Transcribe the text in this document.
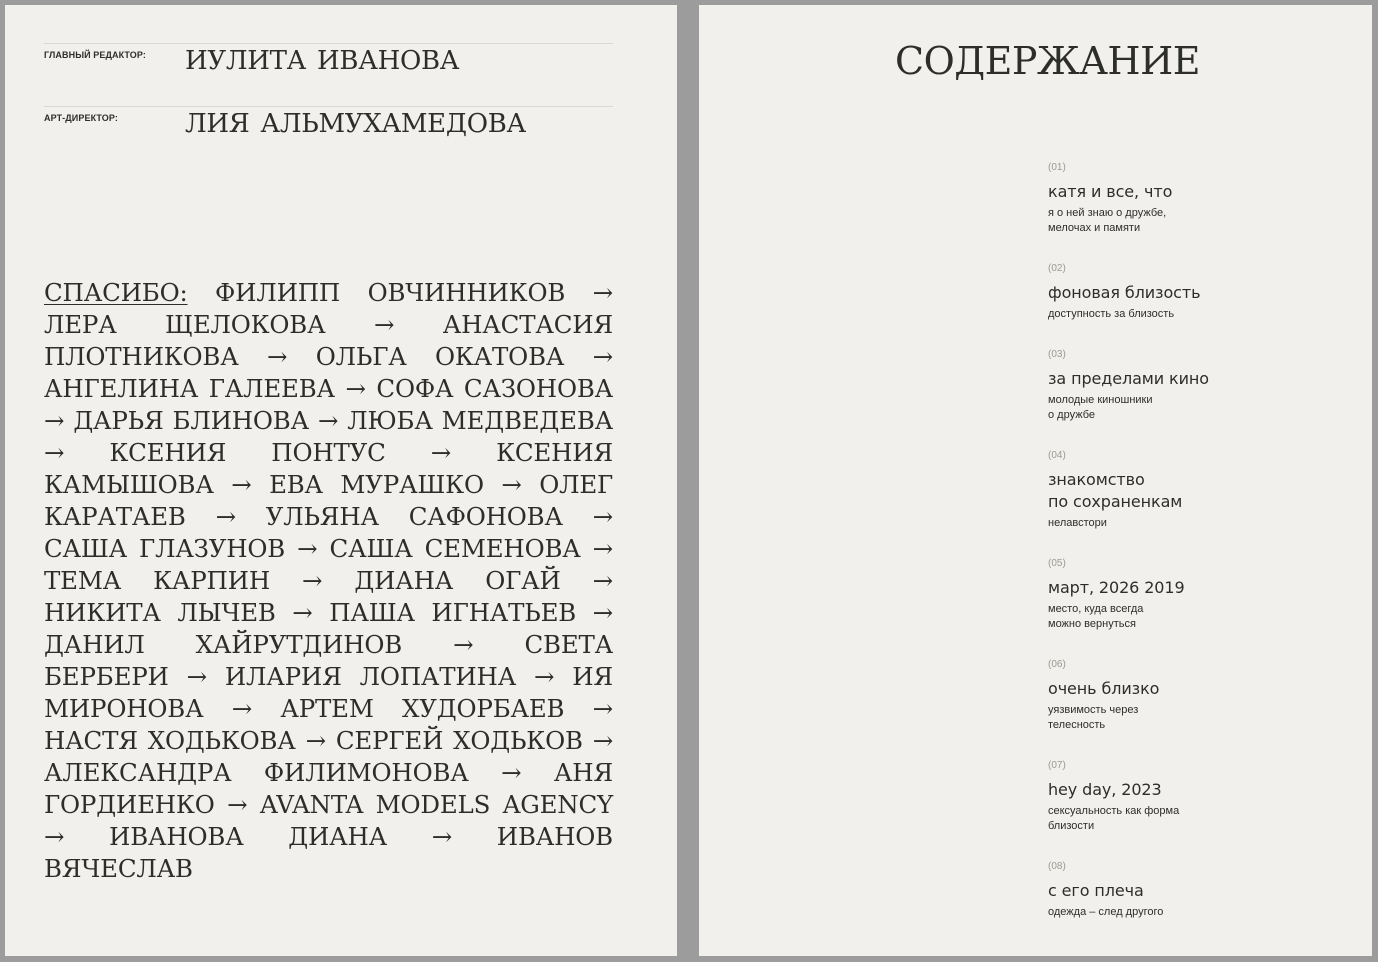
ГЛАВНЫЙ РЕДАКТОР: ИУЛИТА ИВАНОВА
АРТ-ДИРЕКТОР:	ЛИЯ АЛЬМУХАМЕДОВА
СПАСИБО: ФИЛИПП ОВЧИННИКОВ → ЛЕРА ЩЕЛОКОВА → АНАСТАСИЯ ПЛОТНИКОВА → ОЛЬГА ОКАТОВА → АНГЕЛИНА ГАЛЕЕВА → СОФА САЗОНОВА → ДАРЬЯ БЛИНОВА → ЛЮБА МЕДВЕДЕВА → КСЕНИЯ ПОНТУС → КСЕНИЯ КАМЫШОВА → ЕВА МУРАШКО → ОЛЕГ КАРАТАЕВ → УЛЬЯНА САФОНОВА → САША ГЛАЗУНОВ → САША СЕМЕНОВА → ТЕМА КАРПИН → ДИАНА ОГАЙ → НИКИТА ЛЫЧЕВ → ПАША ИГНАТЬЕВ → ДАНИЛ ХАЙРУТДИНОВ → СВЕТА БЕРБЕРИ → ИЛАРИЯ ЛОПАТИНА → ИЯ МИРОНОВА → АРТЕМ ХУДОРБАЕВ → НАСТЯ ХОДЬКОВА → СЕРГЕЙ ХОДЬКОВ → АЛЕКСАНДРА ФИЛИМОНОВА → АНЯ ГОРДИЕНКО → AVANTA MODELS AGENCY → ИВАНОВА ДИАНА → ИВАНОВ ВЯЧЕСЛАВ
СОДЕРЖАНИЕ
(01)
катя и все, что
я о ней знаю о дружбе,
мелочах и памяти
(02)
фоновая близость
доступность за близость
(03)
за пределами кино
молодые киношники
о дружбе
(04)
знакомство
по сохраненкам
нелавстори
(05)
март, 2026 2019
место, куда всегда
можно вернуться
(06)
очень близко
уязвимость через
телесность
(07)
hey day, 2023
сексуальность как форма
близости
(08)
с его плеча
одежда – след другого
